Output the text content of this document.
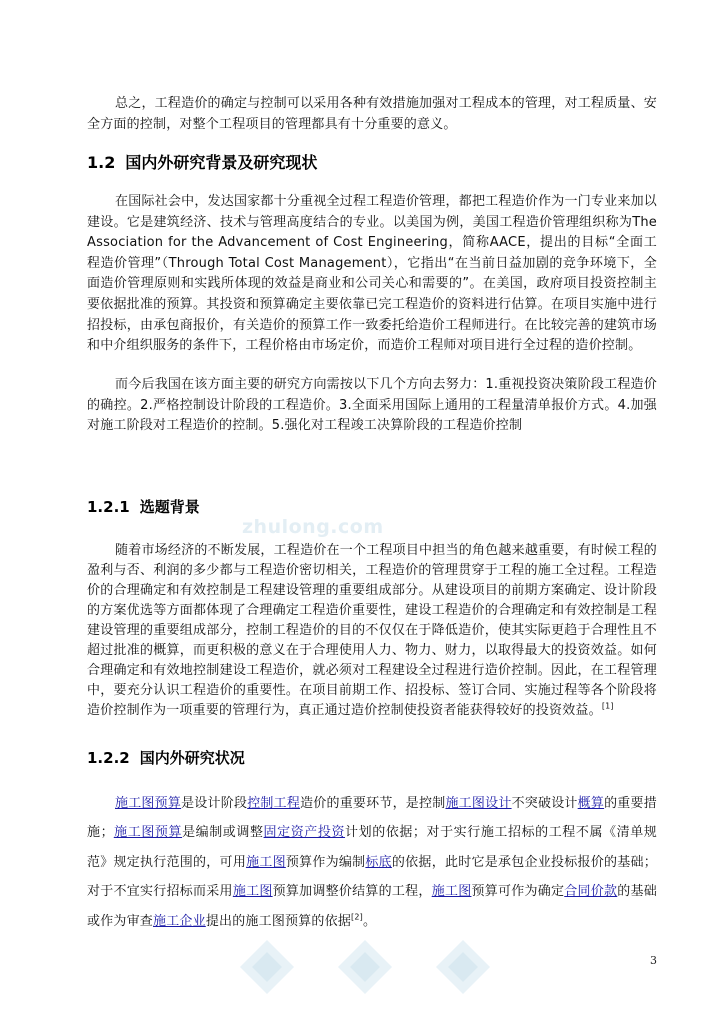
zhulong.com

总之，工程造价的确定与控制可以采用各种有效措施加强对工程成本的管理，对工程质量、安全方面的控制，对整个工程项目的管理都具有十分重要的意义。

1.2 国内外研究背景及研究现状

在国际社会中，发达国家都十分重视全过程工程造价管理，都把工程造价作为一门专业来加以建设。它是建筑经济、技术与管理高度结合的专业。以美国为例，美国工程造价管理组织称为The Association for the Advancement of Cost Engineering，简称AACE，提出的目标“全面工程造价管理”（Through Total Cost Management），它指出“在当前日益加剧的竞争环境下，全面造价管理原则和实践所体现的效益是商业和公司关心和需要的”。在美国，政府项目投资控制主要依据批准的预算。其投资和预算确定主要依靠已完工程造价的资料进行估算。在项目实施中进行招投标，由承包商报价，有关造价的预算工作一致委托给造价工程师进行。在比较完善的建筑市场和中介组织服务的条件下，工程价格由市场定价，而造价工程师对项目进行全过程的造价控制。

而今后我国在该方面主要的研究方向需按以下几个方向去努力：1.重视投资决策阶段工程造价的确控。2.严格控制设计阶段的工程造价。3.全面采用国际上通用的工程量清单报价方式。4.加强对施工阶段对工程造价的控制。5.强化对工程竣工决算阶段的工程造价控制

1.2.1 选题背景

随着市场经济的不断发展，工程造价在一个工程项目中担当的角色越来越重要，有时候工程的盈利与否、利润的多少都与工程造价密切相关，工程造价的管理贯穿于工程的施工全过程。工程造价的合理确定和有效控制是工程建设管理的重要组成部分。从建设项目的前期方案确定、设计阶段的方案优选等方面都体现了合理确定工程造价重要性，建设工程造价的合理确定和有效控制是工程建设管理的重要组成部分，控制工程造价的目的不仅仅在于降低造价，使其实际更趋于合理性且不超过批准的概算，而更积极的意义在于合理使用人力、物力、财力，以取得最大的投资效益。如何合理确定和有效地控制建设工程造价，就必须对工程建设全过程进行造价控制。因此，在工程管理中，要充分认识工程造价的重要性。在项目前期工作、招投标、签订合同、实施过程等各个阶段将造价控制作为一项重要的管理行为，真正通过造价控制使投资者能获得较好的投资效益。[1]

1.2.2 国内外研究状况

施工图预算是设计阶段控制工程造价的重要环节，是控制施工图设计不突破设计概算的重要措施；施工图预算是编制或调整固定资产投资计划的依据；对于实行施工招标的工程不属《清单规范》规定执行范围的，可用施工图预算作为编制标底的依据，此时它是承包企业投标报价的基础；对于不宜实行招标而采用施工图预算加调整价结算的工程，施工图预算可作为确定合同价款的基础或作为审查施工企业提出的施工图预算的依据[2]。

3
